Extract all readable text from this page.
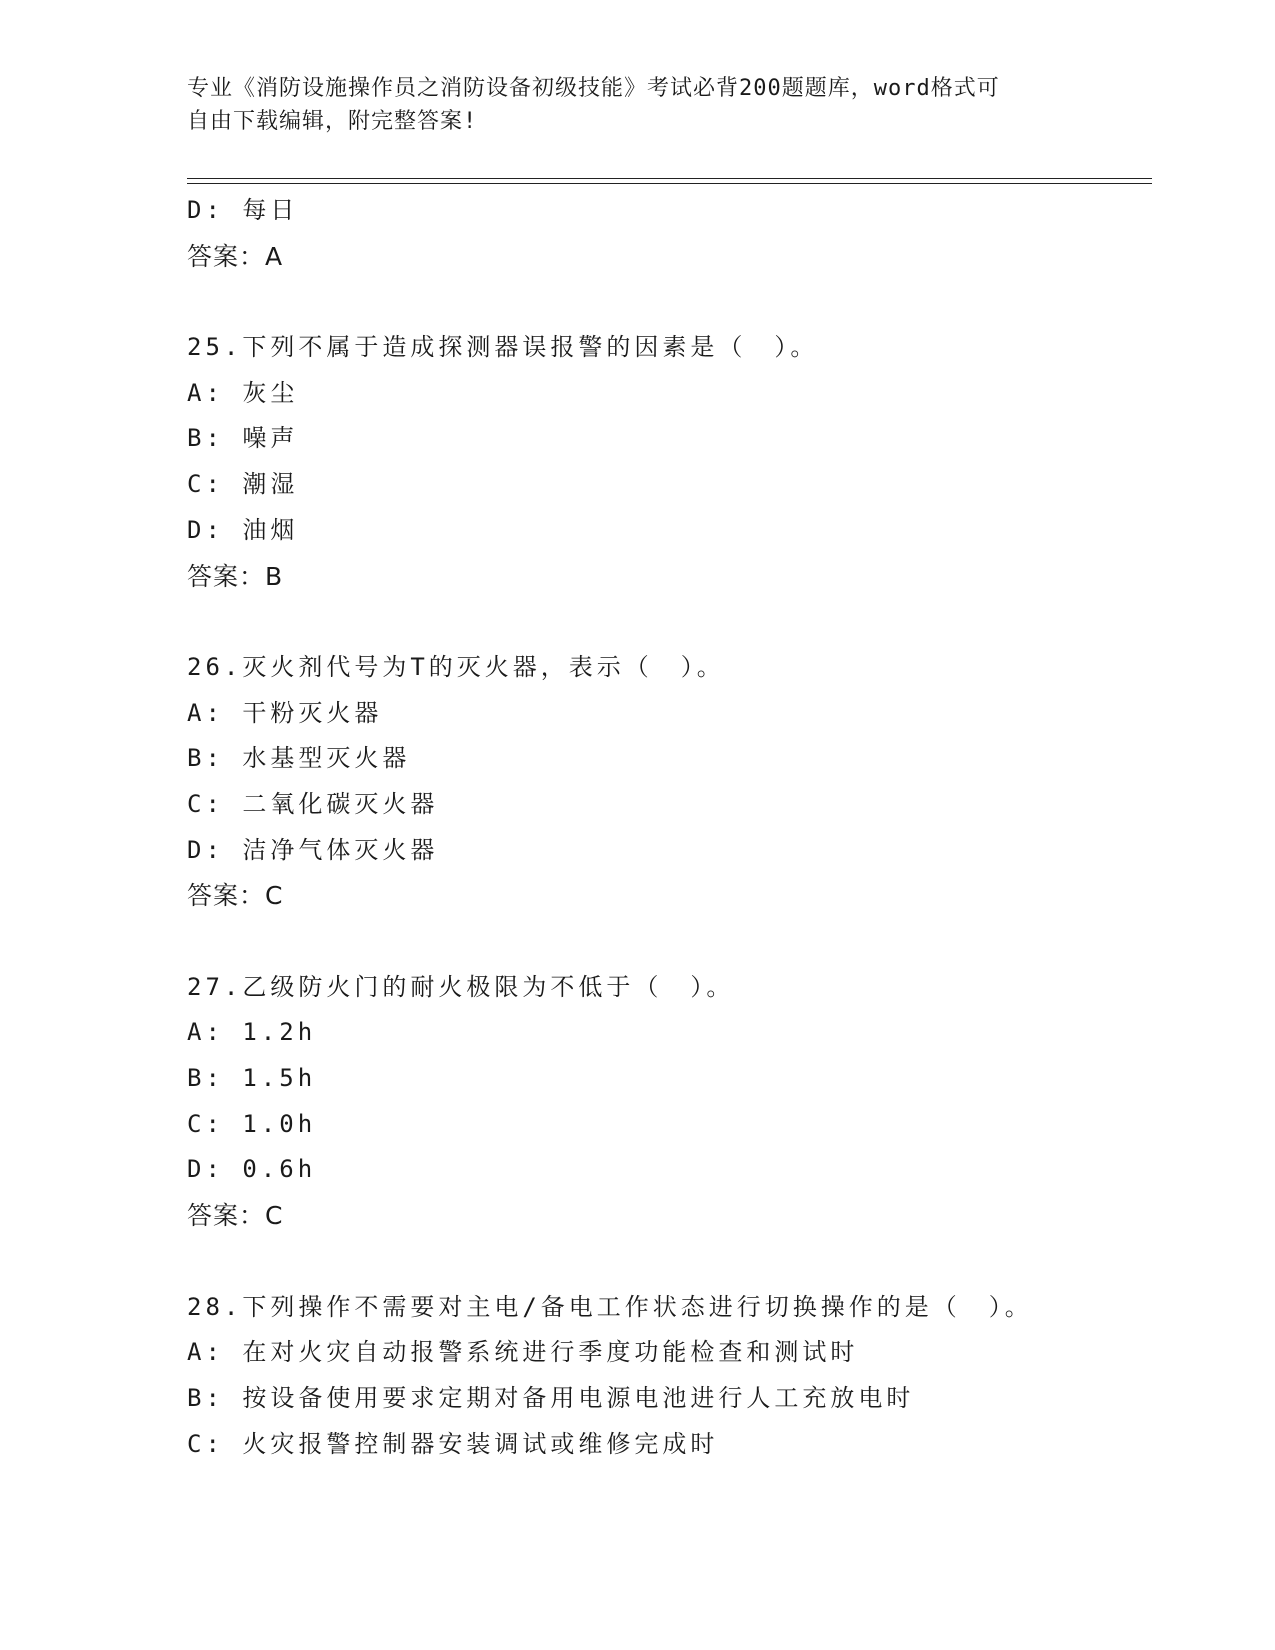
专业《消防设施操作员之消防设备初级技能》考试必背200题题库，word格式可
自由下载编辑，附完整答案!
D: 每日
答案：A
25.下列不属于造成探测器误报警的因素是（　）。
A: 灰尘
B: 噪声
C: 潮湿
D: 油烟
答案：B
26.灭火剂代号为T的灭火器，表示（　）。
A: 干粉灭火器
B: 水基型灭火器
C: 二氧化碳灭火器
D: 洁净气体灭火器
答案：C
27.乙级防火门的耐火极限为不低于（　）。
A: 1.2h
B: 1.5h
C: 1.0h
D: 0.6h
答案：C
28.下列操作不需要对主电/备电工作状态进行切换操作的是（　）。
A: 在对火灾自动报警系统进行季度功能检查和测试时
B: 按设备使用要求定期对备用电源电池进行人工充放电时
C: 火灾报警控制器安装调试或维修完成时
